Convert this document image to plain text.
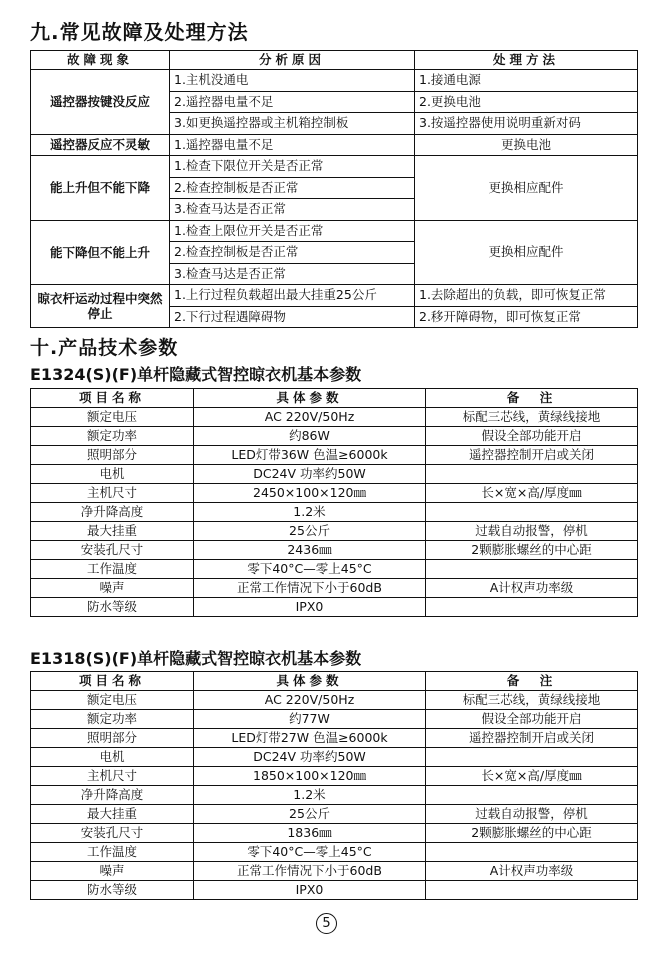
九.常见故障及处理方法
故障现象	分析原因	处理方法
遥控器按键没反应	1.主机没通电	1.接通电源
	2.遥控器电量不足	2.更换电池
	3.如更换遥控器或主机箱控制板	3.按遥控器使用说明重新对码
遥控器反应不灵敏	1.遥控器电量不足	更换电池
能上升但不能下降	1.检查下限位开关是否正常	更换相应配件
	2.检查控制板是否正常	
	3.检查马达是否正常	
能下降但不能上升	1.检查上限位开关是否正常	更换相应配件
	2.检查控制板是否正常	
	3.检查马达是否正常	
晾衣杆运动过程中突然停止	1.上行过程负载超出最大挂重25公斤	1.去除超出的负载，即可恢复正常
	2.下行过程遇障碍物	2.移开障碍物，即可恢复正常
十.产品技术参数
E1324(S)(F)单杆隐藏式智控晾衣机基本参数
项目名称	具体参数	备　注
额定电压	AC 220V/50Hz	标配三芯线，黄绿线接地
额定功率	约86W	假设全部功能开启
照明部分	LED灯带36W 色温≥6000k	遥控器控制开启或关闭
电机	DC24V 功率约50W	
主机尺寸	2450×100×120㎜	长×宽×高/厚度㎜
净升降高度	1.2米	
最大挂重	25公斤	过载自动报警，停机
安装孔尺寸	2436㎜	2颗膨胀螺丝的中心距
工作温度	零下40°C—零上45°C	
噪声	正常工作情况下小于60dB	A计权声功率级
防水等级	IPX0	
E1318(S)(F)单杆隐藏式智控晾衣机基本参数
项目名称	具体参数	备　注
额定电压	AC 220V/50Hz	标配三芯线，黄绿线接地
额定功率	约77W	假设全部功能开启
照明部分	LED灯带27W 色温≥6000k	遥控器控制开启或关闭
电机	DC24V 功率约50W	
主机尺寸	1850×100×120㎜	长×宽×高/厚度㎜
净升降高度	1.2米	
最大挂重	25公斤	过载自动报警，停机
安装孔尺寸	1836㎜	2颗膨胀螺丝的中心距
工作温度	零下40°C—零上45°C	
噪声	正常工作情况下小于60dB	A计权声功率级
防水等级	IPX0	
5
